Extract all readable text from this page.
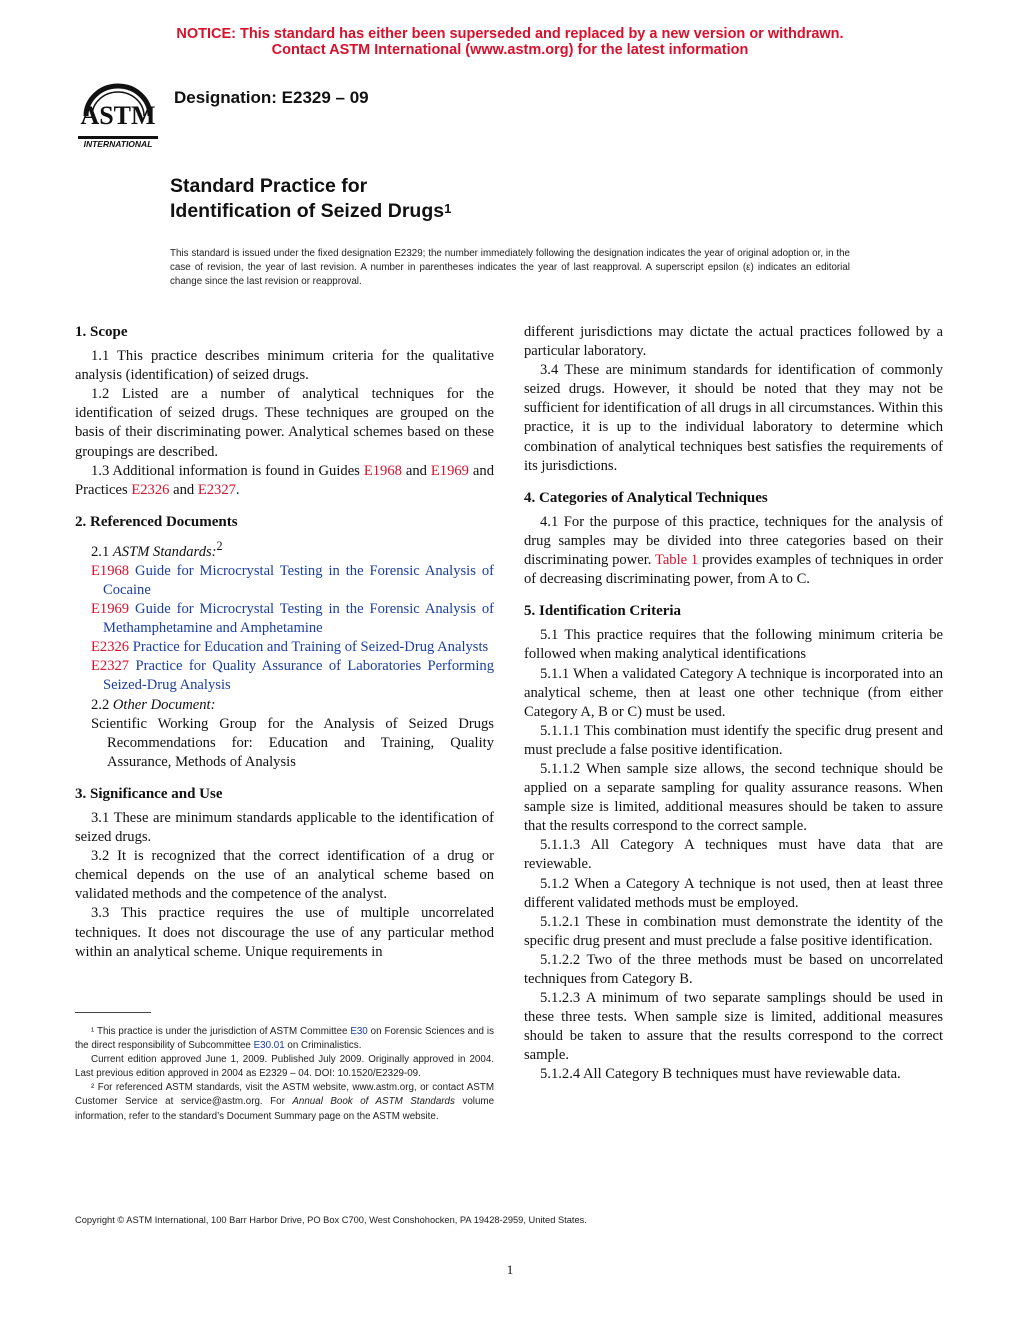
NOTICE: This standard has either been superseded and replaced by a new version or withdrawn.
Contact ASTM International (www.astm.org) for the latest information
ASTM
INTERNATIONAL
Designation: E2329 – 09
Standard Practice for
Identification of Seized Drugs$^1$
This standard is issued under the fixed designation E2329; the number immediately following the designation indicates the year of original adoption or, in the case of revision, the year of last revision. A number in parentheses indicates the year of last reapproval. A superscript epsilon (ε) indicates an editorial change since the last revision or reapproval.

1. Scope

1.1 This practice describes minimum criteria for the qualitative analysis (identification) of seized drugs.

1.2 Listed are a number of analytical techniques for the identification of seized drugs. These techniques are grouped on the basis of their discriminating power. Analytical schemes based on these groupings are described.

1.3 Additional information is found in Guides E1968 and E1969 and Practices E2326 and E2327.

2. Referenced Documents

2.1 ASTM Standards:$^2$

E1968 Guide for Microcrystal Testing in the Forensic Analysis of Cocaine

E1969 Guide for Microcrystal Testing in the Forensic Analysis of Methamphetamine and Amphetamine

E2326 Practice for Education and Training of Seized-Drug Analysts

E2327 Practice for Quality Assurance of Laboratories Performing Seized-Drug Analysis

2.2 Other Document:

Scientific Working Group for the Analysis of Seized Drugs Recommendations for: Education and Training, Quality Assurance, Methods of Analysis

3. Significance and Use

3.1 These are minimum standards applicable to the identification of seized drugs.

3.2 It is recognized that the correct identification of a drug or chemical depends on the use of an analytical scheme based on validated methods and the competence of the analyst.

3.3 This practice requires the use of multiple uncorrelated techniques. It does not discourage the use of any particular method within an analytical scheme. Unique requirements in

different jurisdictions may dictate the actual practices followed by a particular laboratory.

3.4 These are minimum standards for identification of commonly seized drugs. However, it should be noted that they may not be sufficient for identification of all drugs in all circumstances. Within this practice, it is up to the individual laboratory to determine which combination of analytical techniques best satisfies the requirements of its jurisdictions.

4. Categories of Analytical Techniques

4.1 For the purpose of this practice, techniques for the analysis of drug samples may be divided into three categories based on their discriminating power. Table 1 provides examples of techniques in order of decreasing discriminating power, from A to C.

5. Identification Criteria

5.1 This practice requires that the following minimum criteria be followed when making analytical identifications

5.1.1 When a validated Category A technique is incorporated into an analytical scheme, then at least one other technique (from either Category A, B or C) must be used.

5.1.1.1 This combination must identify the specific drug present and must preclude a false positive identification.

5.1.1.2 When sample size allows, the second technique should be applied on a separate sampling for quality assurance reasons. When sample size is limited, additional measures should be taken to assure that the results correspond to the correct sample.

5.1.1.3 All Category A techniques must have data that are reviewable.

5.1.2 When a Category A technique is not used, then at least three different validated methods must be employed.

5.1.2.1 These in combination must demonstrate the identity of the specific drug present and must preclude a false positive identification.

5.1.2.2 Two of the three methods must be based on uncorrelated techniques from Category B.

5.1.2.3 A minimum of two separate samplings should be used in these three tests. When sample size is limited, additional measures should be taken to assure that the results correspond to the correct sample.

5.1.2.4 All Category B techniques must have reviewable data.

¹ This practice is under the jurisdiction of ASTM Committee E30 on Forensic Sciences and is the direct responsibility of Subcommittee E30.01 on Criminalistics.

Current edition approved June 1, 2009. Published July 2009. Originally approved in 2004. Last previous edition approved in 2004 as E2329 – 04. DOI: 10.1520/E2329-09.

² For referenced ASTM standards, visit the ASTM website, www.astm.org, or contact ASTM Customer Service at service@astm.org. For Annual Book of ASTM Standards volume information, refer to the standard’s Document Summary page on the ASTM website.

Copyright © ASTM International, 100 Barr Harbor Drive, PO Box C700, West Conshohocken, PA 19428-2959, United States.
1
